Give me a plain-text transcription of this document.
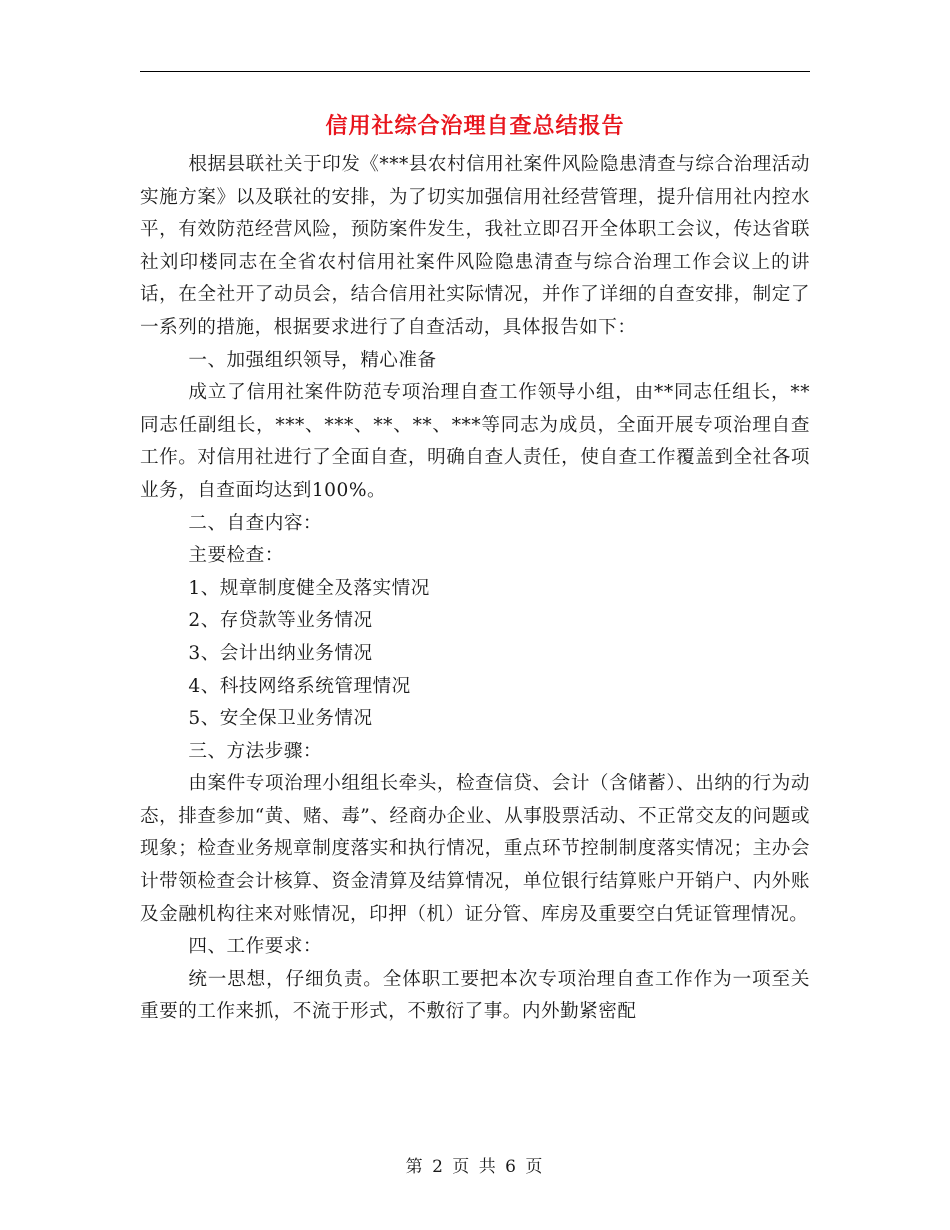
信用社综合治理自查总结报告

根据县联社关于印发《***县农村信用社案件风险隐患清查与综合治理活动实施方案》以及联社的安排，为了切实加强信用社经营管理，提升信用社内控水平，有效防范经营风险，预防案件发生，我社立即召开全体职工会议，传达省联社刘印楼同志在全省农村信用社案件风险隐患清查与综合治理工作会议上的讲话，在全社开了动员会，结合信用社实际情况，并作了详细的自查安排，制定了一系列的措施，根据要求进行了自查活动，具体报告如下：

一、加强组织领导，精心准备

成立了信用社案件防范专项治理自查工作领导小组，由**同志任组长，**同志任副组长，***、***、**、**、***等同志为成员，全面开展专项治理自查工作。对信用社进行了全面自查，明确自查人责任，使自查工作覆盖到全社各项业务，自查面均达到100%。

二、自查内容：

主要检查：

1、规章制度健全及落实情况

2、存贷款等业务情况

3、会计出纳业务情况

4、科技网络系统管理情况

5、安全保卫业务情况

三、方法步骤：

由案件专项治理小组组长牵头，检查信贷、会计（含储蓄）、出纳的行为动态，排查参加“黄、赌、毒”、经商办企业、从事股票活动、不正常交友的问题或现象；检查业务规章制度落实和执行情况，重点环节控制制度落实情况；主办会计带领检查会计核算、资金清算及结算情况，单位银行结算账户开销户、内外账及金融机构往来对账情况，印押（机）证分管、库房及重要空白凭证管理情况。

四、工作要求：

统一思想，仔细负责。全体职工要把本次专项治理自查工作作为一项至关重要的工作来抓，不流于形式，不敷衍了事。内外勤紧密配

第 2 页 共 6 页
